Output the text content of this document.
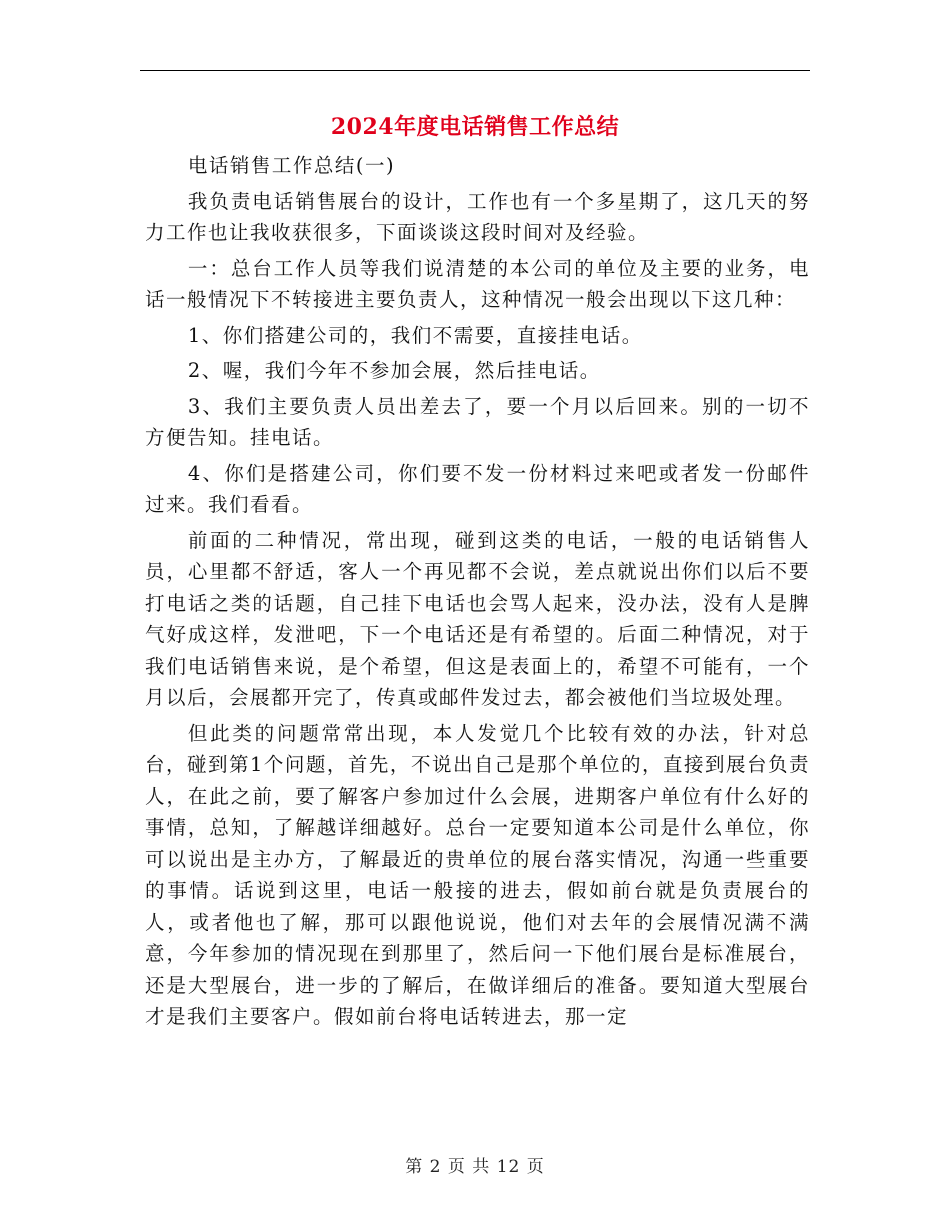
2024年度电话销售工作总结

电话销售工作总结(一)

我负责电话销售展台的设计，工作也有一个多星期了，这几天的努力工作也让我收获很多，下面谈谈这段时间对及经验。

一：总台工作人员等我们说清楚的本公司的单位及主要的业务，电话一般情况下不转接进主要负责人，这种情况一般会出现以下这几种：

1、你们搭建公司的，我们不需要，直接挂电话。

2、喔，我们今年不参加会展，然后挂电话。

3、我们主要负责人员出差去了，要一个月以后回来。别的一切不方便告知。挂电话。

4、你们是搭建公司，你们要不发一份材料过来吧或者发一份邮件过来。我们看看。

前面的二种情况，常出现，碰到这类的电话，一般的电话销售人员，心里都不舒适，客人一个再见都不会说，差点就说出你们以后不要打电话之类的话题，自己挂下电话也会骂人起来，没办法，没有人是脾气好成这样，发泄吧，下一个电话还是有希望的。后面二种情况，对于我们电话销售来说，是个希望，但这是表面上的，希望不可能有，一个月以后，会展都开完了，传真或邮件发过去，都会被他们当垃圾处理。

但此类的问题常常出现，本人发觉几个比较有效的办法，针对总台，碰到第1个问题，首先，不说出自己是那个单位的，直接到展台负责人，在此之前，要了解客户参加过什么会展，进期客户单位有什么好的事情，总知，了解越详细越好。总台一定要知道本公司是什么单位，你可以说出是主办方，了解最近的贵单位的展台落实情况，沟通一些重要的事情。话说到这里，电话一般接的进去，假如前台就是负责展台的人，或者他也了解，那可以跟他说说，他们对去年的会展情况满不满意，今年参加的情况现在到那里了，然后问一下他们展台是标准展台，还是大型展台，进一步的了解后，在做详细后的准备。要知道大型展台才是我们主要客户。假如前台将电话转进去，那一定

第 2 页 共 12 页
